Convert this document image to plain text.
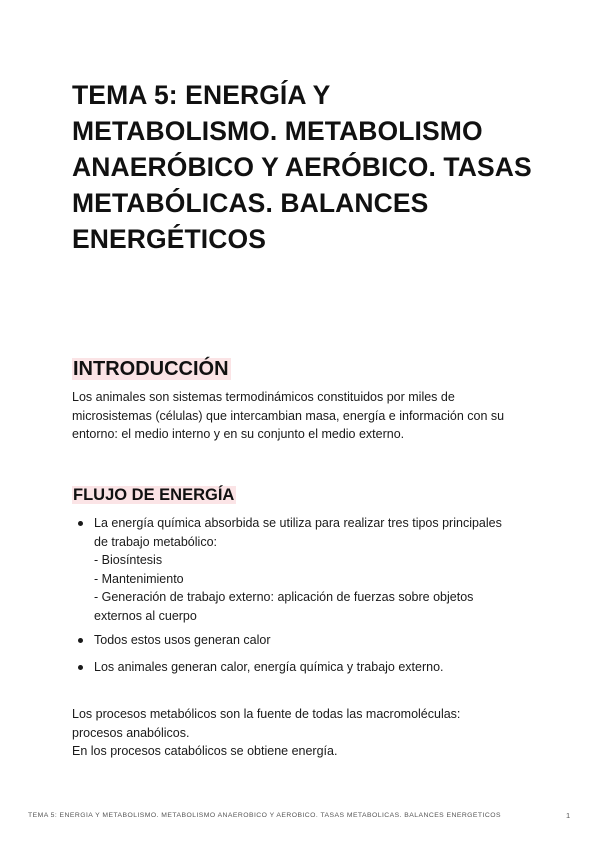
TEMA 5: ENERGÍA Y METABOLISMO. METABOLISMO ANAERÓBICO Y AERÓBICO. TASAS METABÓLICAS. BALANCES ENERGÉTICOS
INTRODUCCIÓN

Los animales son sistemas termodinámicos constituidos por miles de
microsistemas (células) que intercambian masa, energía e información con su
entorno: el medio interno y en su conjunto el medio externo.

FLUJO DE ENERGÍA
La energía química absorbida se utiliza para realizar tres tipos principales
de trabajo metabólico:
- Biosíntesis
- Mantenimiento
- Generación de trabajo externo: aplicación de fuerzas sobre objetos
externos al cuerpo
Todos estos usos generan calor
Los animales generan calor, energía química y trabajo externo.

Los procesos metabólicos son la fuente de todas las macromoléculas:
procesos anabólicos.
En los procesos catabólicos se obtiene energía.

TEMA 5: ENERGÍA Y METABOLISMO. METABOLISMO ANAERÓBICO Y AERÓBICO. TASAS METABÓLICAS. BALANCES ENERGÉTICOS	1
